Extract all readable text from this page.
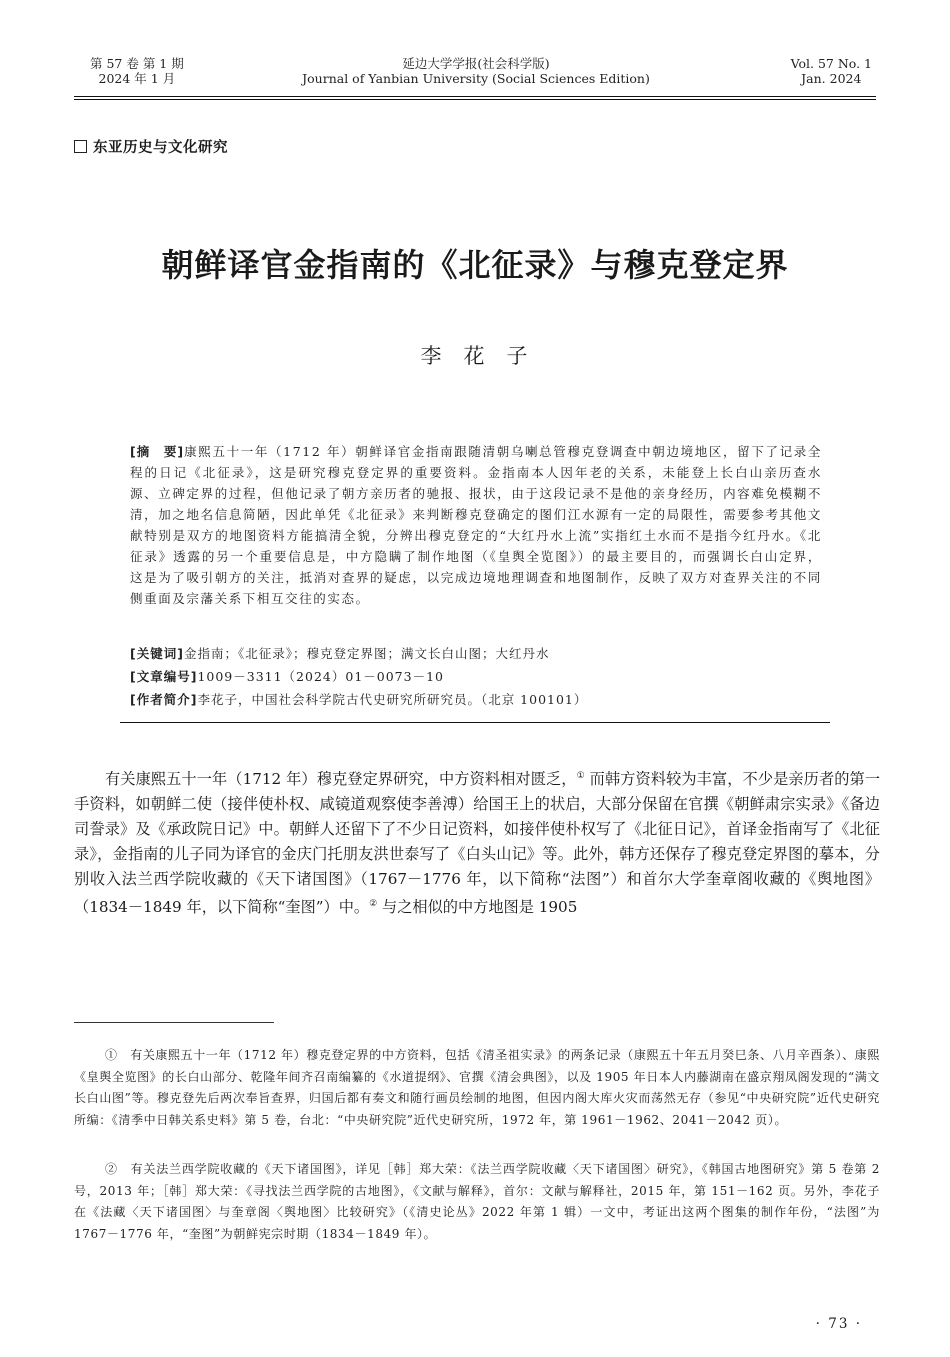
第 57 卷 第 1 期
2024 年 1 月
延边大学学报(社会科学版)
Journal of Yanbian University (Social Sciences Edition)
Vol. 57 No. 1
Jan. 2024
东亚历史与文化研究
朝鲜译官金指南的《北征录》与穆克登定界
李花子
[摘　要]康熙五十一年（1712 年）朝鲜译官金指南跟随清朝乌喇总管穆克登调查中朝边境地区，留下了记录全程的日记《北征录》，这是研究穆克登定界的重要资料。金指南本人因年老的关系，未能登上长白山亲历查水源、立碑定界的过程，但他记录了朝方亲历者的驰报、报状，由于这段记录不是他的亲身经历，内容难免模糊不清，加之地名信息简陋，因此单凭《北征录》来判断穆克登确定的图们江水源有一定的局限性，需要参考其他文献特别是双方的地图资料方能搞清全貌，分辨出穆克登定的“大红丹水上流”实指红土水而不是指今红丹水。《北征录》透露的另一个重要信息是，中方隐瞒了制作地图（《皇舆全览图》）的最主要目的，而强调长白山定界，这是为了吸引朝方的关注，抵消对查界的疑虑，以完成边境地理调查和地图制作，反映了双方对查界关注的不同侧重面及宗藩关系下相互交往的实态。
[关键词]金指南；《北征录》；穆克登定界图；满文长白山图；大红丹水
[文章编号]1009－3311（2024）01－0073－10
[作者简介]李花子，中国社会科学院古代史研究所研究员。（北京 100101）
有关康熙五十一年（1712 年）穆克登定界研究，中方资料相对匮乏，① 而韩方资料较为丰富，不少是亲历者的第一手资料，如朝鲜二使（接伴使朴权、咸镜道观察使李善溥）给国王上的状启，大部分保留在官撰《朝鲜肃宗实录》《备边司誊录》及《承政院日记》中。朝鲜人还留下了不少日记资料，如接伴使朴权写了《北征日记》，首译金指南写了《北征录》，金指南的儿子同为译官的金庆门托朋友洪世泰写了《白头山记》等。此外，韩方还保存了穆克登定界图的摹本，分别收入法兰西学院收藏的《天下诸国图》（1767－1776 年，以下简称“法图”）和首尔大学奎章阁收藏的《舆地图》（1834－1849 年，以下简称“奎图”）中。② 与之相似的中方地图是 1905
①　 有关康熙五十一年（1712 年）穆克登定界的中方资料，包括《清圣祖实录》的两条记录（康熙五十年五月癸巳条、八月辛酉条）、康熙《皇舆全览图》的长白山部分、乾隆年间齐召南编纂的《水道提纲》、官撰《清会典图》，以及 1905 年日本人内藤湖南在盛京翔凤阁发现的“满文长白山图”等。穆克登先后两次奉旨查界，归国后都有奏文和随行画员绘制的地图，但因内阁大库火灾而荡然无存（参见“中央研究院”近代史研究所编：《清季中日韩关系史料》第 5 卷，台北：“中央研究院”近代史研究所，1972 年，第 1961－1962、2041－2042 页）。
②　 有关法兰西学院收藏的《天下诸国图》，详见［韩］郑大荣：《法兰西学院收藏〈天下诸国图〉研究》，《韩国古地图研究》第 5 卷第 2 号，2013 年；［韩］郑大荣：《寻找法兰西学院的古地图》，《文献与解释》，首尔：文献与解释社，2015 年，第 151－162 页。另外，李花子在《法藏〈天下诸国图〉与奎章阁〈舆地图〉比较研究》（《清史论丛》2022 年第 1 辑）一文中，考证出这两个图集的制作年份，“法图”为 1767－1776 年，“奎图”为朝鲜宪宗时期（1834－1849 年）。
· 73 ·
